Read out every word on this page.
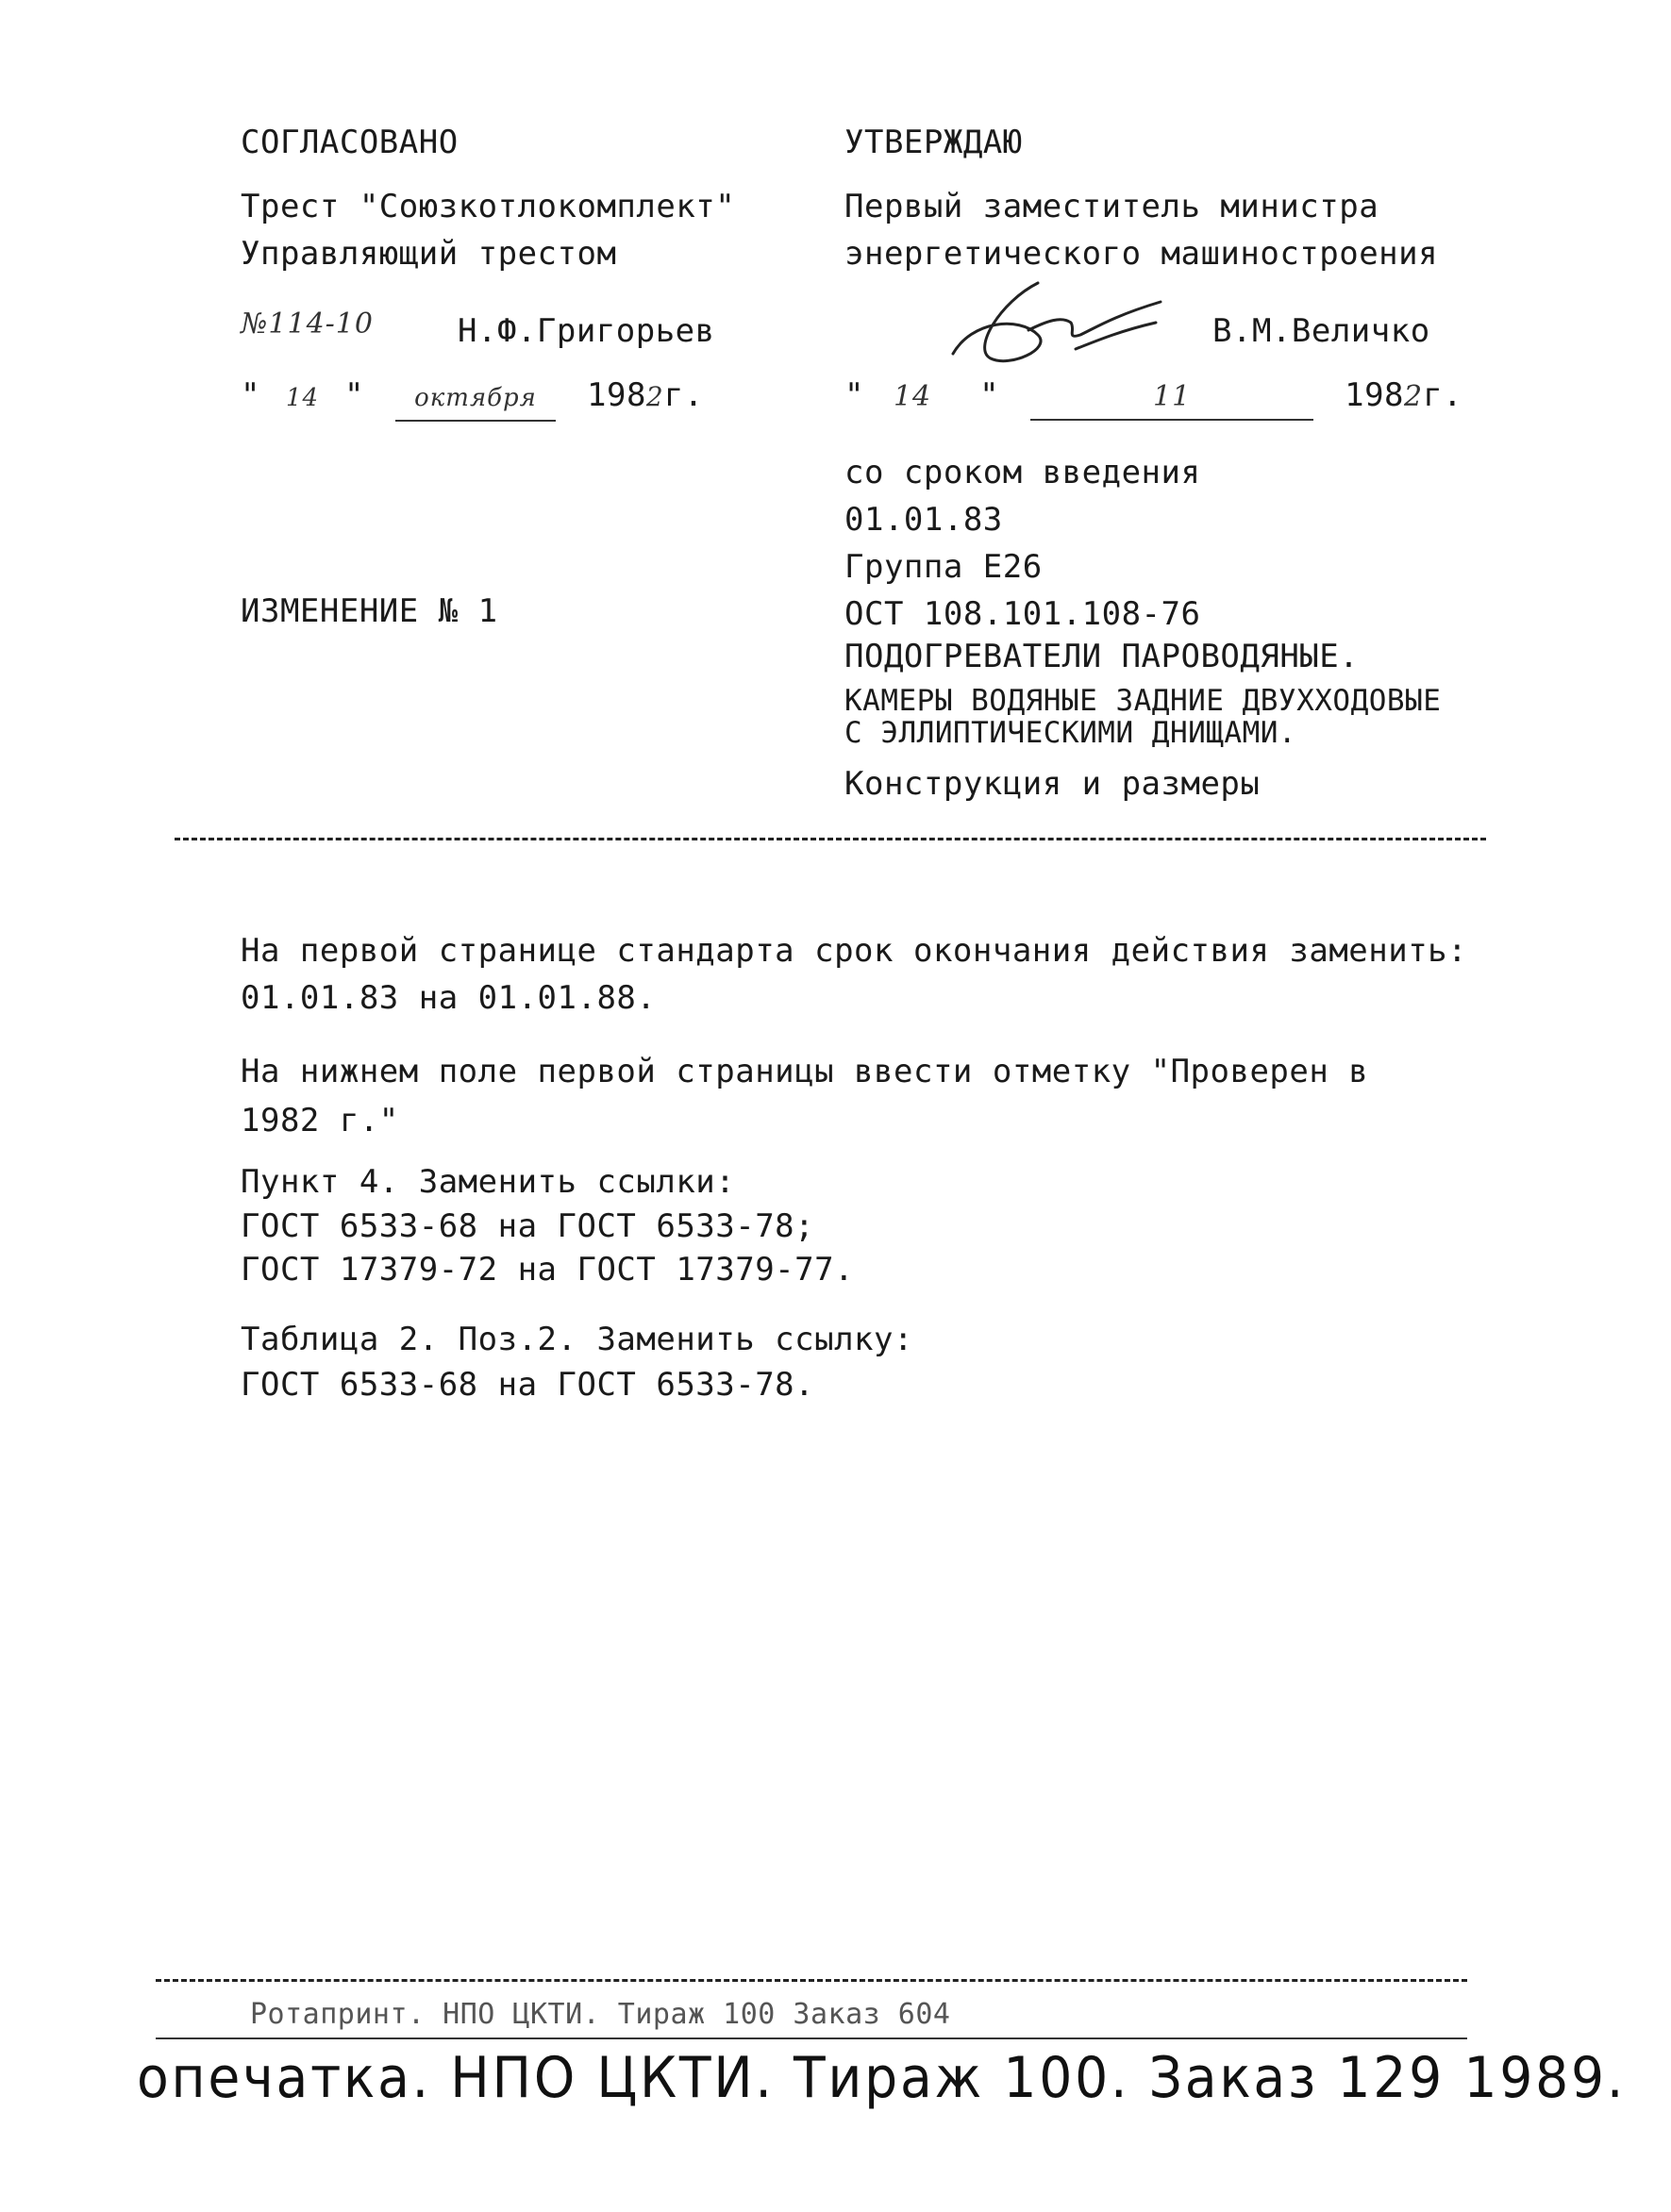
СОГЛАСОВАНО
Трест "Союзкотлокомплект"
Управляющий трестом
№114-10	Н.Ф.Григорьев
" 14 " октября 1982г.
УТВЕРЖДАЮ
Первый заместитель министра
энергетического машиностроения
В.М.Величко
" 14 "	11	1982г.
со сроком введения
01.01.83
Группа Е26
ОСТ 108.101.108-76
ПОДОГРЕВАТЕЛИ ПАРОВОДЯНЫЕ.
КАМЕРЫ ВОДЯНЫЕ ЗАДНИЕ ДВУХХОДОВЫЕ
С ЭЛЛИПТИЧЕСКИМИ ДНИЩАМИ.
Конструкция и размеры
ИЗМЕНЕНИЕ № 1
На первой странице стандарта срок окончания действия заменить:
01.01.83 на 01.01.88.
На нижнем поле первой страницы ввести отметку "Проверен в
1982 г."
Пункт 4. Заменить ссылки:
ГОСТ 6533-68 на ГОСТ 6533-78;
ГОСТ 17379-72 на ГОСТ 17379-77.
Таблица 2. Поз.2. Заменить ссылку:
ГОСТ 6533-68 на ГОСТ 6533-78.
Ротапринт. НПО ЦКТИ. Тираж 100 Заказ 604
опечатка. НПО ЦКТИ. Тираж 100. Заказ 129 1989.
